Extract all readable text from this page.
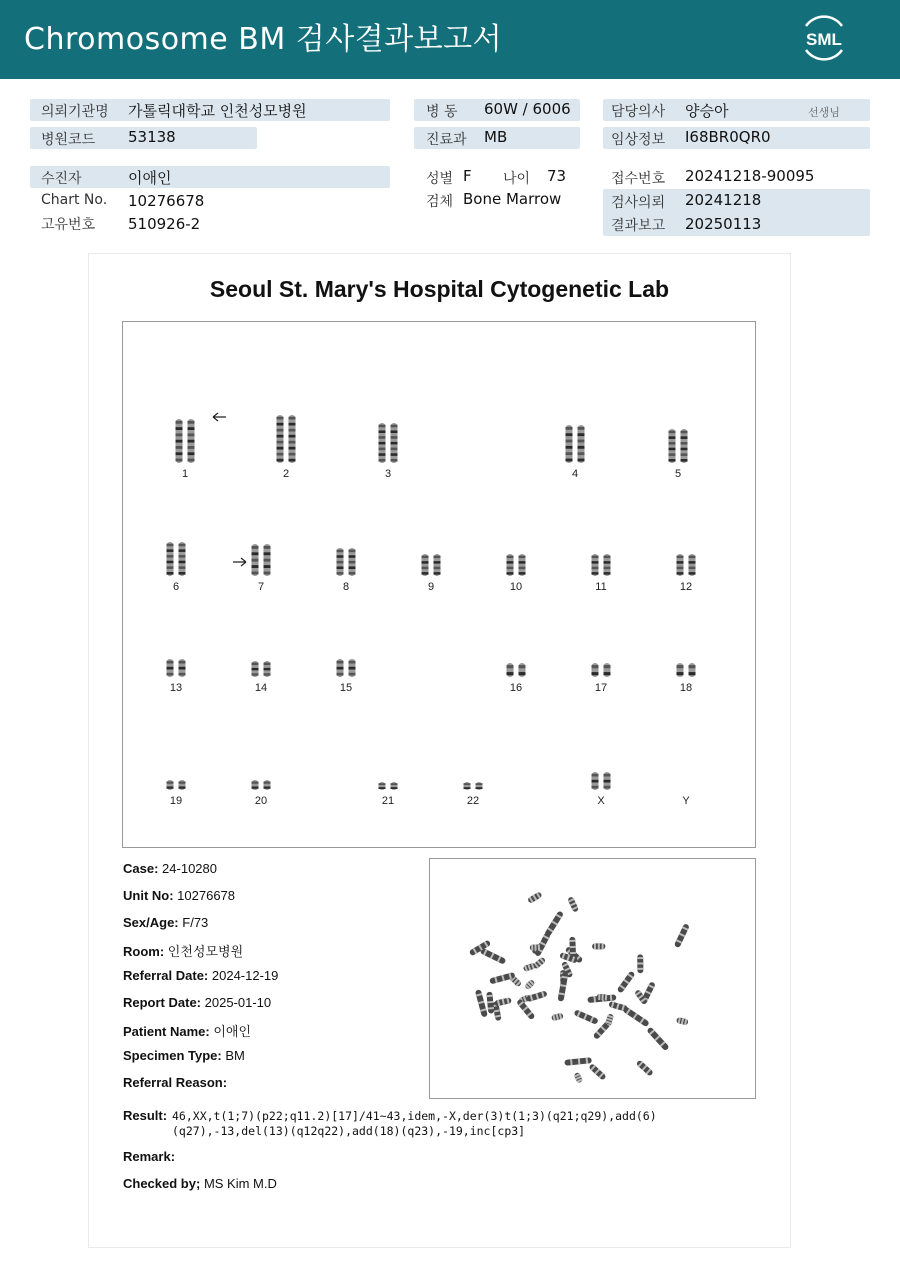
Chromosome BM 검사결과보고서	SML
의뢰기관명 가톨릭대학교 인천성모병원
병원코드 53138
병 동 60W / 6006
진료과 MB
담당의사 양승아	선생님
임상정보 I68BR0QR0
수진자	이애인
Chart No. 10276678
고유번호 510926-2
성별 F 나이 73
검체 Bone Marrow
접수번호 20241218-90095
검사의뢰 20241218
결과보고 20250113
Seoul St. Mary's Hospital Cytogenetic Lab
1	2	3	4	5
6	7	8	9	10	11	12
13	14	15	16	17	18
19	20	21	22	X	Y
Case: 24-10280
Unit No: 10276678
Sex/Age: F/73
Room: 인천성모병원
Referral Date: 2024-12-19
Report Date: 2025-01-10
Patient Name: 이애인
Specimen Type: BM
Referral Reason:
Result: 46,XX,t(1;7)(p22;q11.2)[17]/41~43,idem,-X,der(3)t(1;3)(q21;q29),add(6)(q27),-13,del(13)(q12q22),add(18)(q23),-19,inc[cp3]
Remark:
Checked by; MS Kim M.D
